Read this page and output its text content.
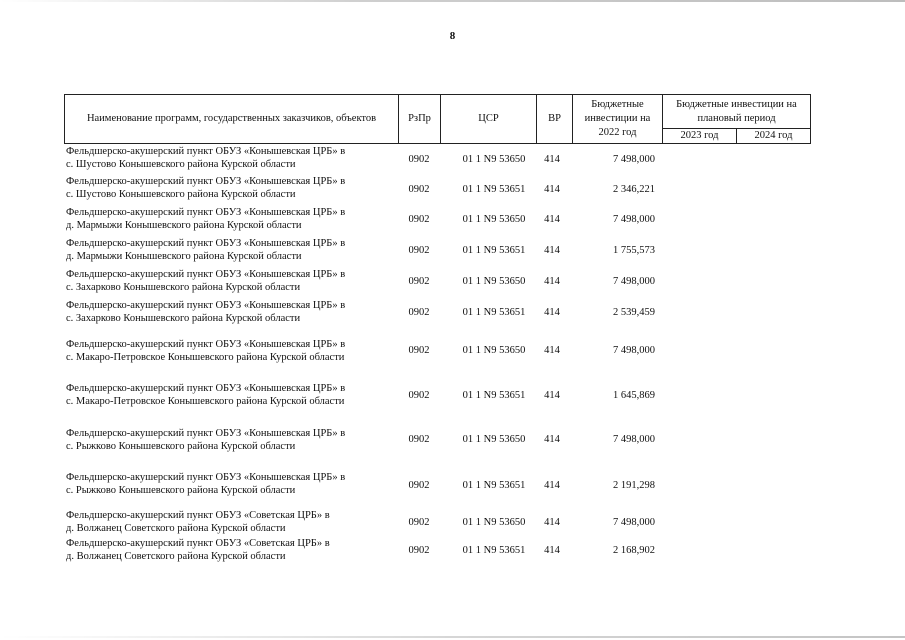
8
Наименование программ, государственных заказчиков, объектов	РзПр	ЦСР	ВР	Бюджетные инвестиции на 2022 год	Бюджетные инвестиции на плановый период	
					2023 год	2024 год
Фельдшерско-акушерский пункт ОБУЗ «Конышевская ЦРБ» в
с. Шустово Конышевского района Курской области	0902	01 1 N9 53650	414	7 498,000
Фельдшерско-акушерский пункт ОБУЗ «Конышевская ЦРБ» в
с. Шустово Конышевского района Курской области	0902	01 1 N9 53651	414	2 346,221
Фельдшерско-акушерский пункт ОБУЗ «Конышевская ЦРБ» в
д. Мармыжи Конышевского района Курской области
0902	01 1 N9 53650	414	7 498,000
Фельдшерско-акушерский пункт ОБУЗ «Конышевская ЦРБ» в
д. Мармыжи Конышевского района Курской области
0902	01 1 N9 53651	414	1 755,573
Фельдшерско-акушерский пункт ОБУЗ «Конышевская ЦРБ» в
с. Захарково Конышевского района Курской области
0902	01 1 N9 53650	414	7 498,000
Фельдшерско-акушерский пункт ОБУЗ «Конышевская ЦРБ» в
с. Захарково Конышевского района Курской области
0902	01 1 N9 53651	414	2 539,459
Фельдшерско-акушерский пункт ОБУЗ «Конышевская ЦРБ» в
с. Макаро-Петровское Конышевского района Курской области
0902	01 1 N9 53650	414	7 498,000
Фельдшерско-акушерский пункт ОБУЗ «Конышевская ЦРБ» в
с. Макаро-Петровское Конышевского района Курской области
0902	01 1 N9 53651	414	1 645,869
Фельдшерско-акушерский пункт ОБУЗ «Конышевская ЦРБ» в
с. Рыжково Конышевского района Курской области
0902	01 1 N9 53650	414	7 498,000
Фельдшерско-акушерский пункт ОБУЗ «Конышевская ЦРБ» в
с. Рыжково Конышевского района Курской области	0902	01 1 N9 53651	414	2 191,298
Фельдшерско-акушерский пункт ОБУЗ «Советская ЦРБ» в
д. Волжанец Советского района Курской области
0902	01 1 N9 53650	414	7 498,000
Фельдшерско-акушерский пункт ОБУЗ «Советская ЦРБ» в
д. Волжанец Советского района Курской области
0902	01 1 N9 53651	414	2 168,902
